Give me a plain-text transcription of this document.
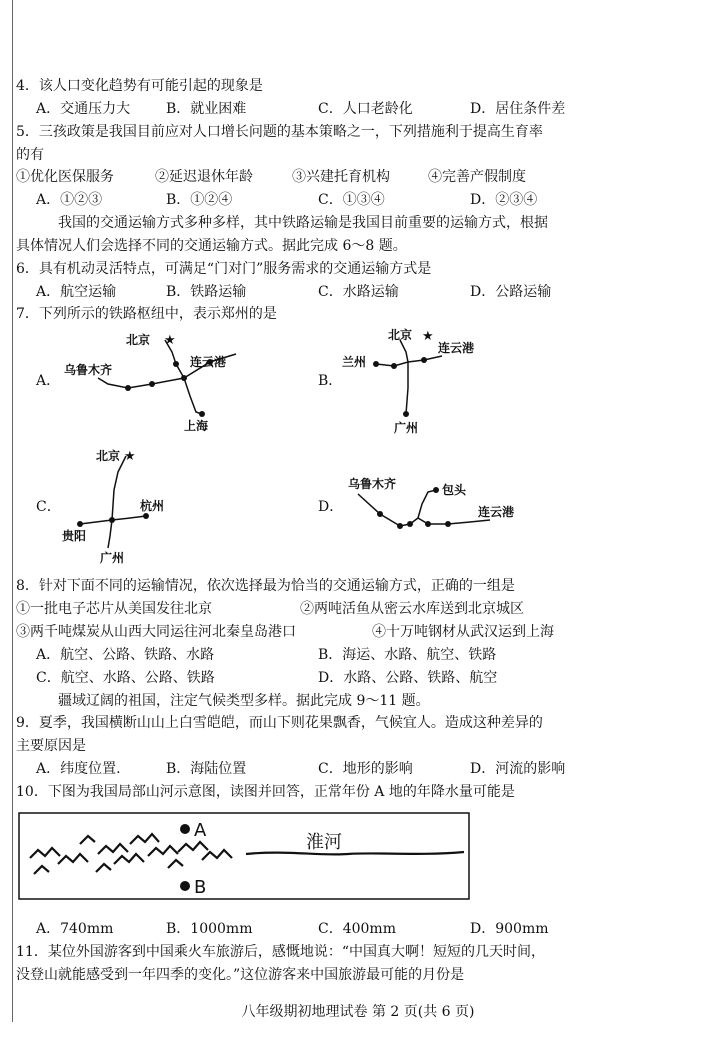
4．该人口变化趋势有可能引起的现象是
A．交通压力大	B．就业困难	C．人口老龄化	D．居住条件差
5．三孩政策是我国目前应对人口增长问题的基本策略之一，下列措施利于提高生育率
的有
①优化医保服务	②延迟退休年龄	③兴建托育机构	④完善产假制度
A．①②③	B．①②④	C．①③④	D．②③④
我国的交通运输方式多种多样，其中铁路运输是我国目前重要的运输方式，根据
具体情况人们会选择不同的交通运输方式。据此完成 6～8 题。
6．具有机动灵活特点，可满足“门对门”服务需求的交通运输方式是
A．航空运输	B．铁路运输	C．水路运输	D．公路运输
7．下列所示的铁路枢纽中，表示郑州的是
A．
★
北京
连云港
乌鲁木齐
上海
B．
★
北京
兰州
连云港
广州
C．
★
北京
杭州
贵阳
广州
D．
乌鲁木齐	包头
连云港
8．针对下面不同的运输情况，依次选择最为恰当的交通运输方式，正确的一组是
①一批电子芯片从美国发往北京	②两吨活鱼从密云水库送到北京城区
③两千吨煤炭从山西大同运往河北秦皇岛港口	④十万吨钢材从武汉运到上海
A．航空、公路、铁路、水路	B．海运、水路、航空、铁路
C．航空、水路、公路、铁路	D．水路、公路、铁路、航空
疆域辽阔的祖国，注定气候类型多样。据此完成 9～11 题。
9．夏季，我国横断山山上白雪皑皑，而山下则花果飘香，气候宜人。造成这种差异的
主要原因是
A．纬度位置.	B．海陆位置	C．地形的影响	D．河流的影响
10．下图为我国局部山河示意图，读图并回答，正常年份 A 地的年降水量可能是
A
B
淮河
A．740mm	B．1000mm	C．400mm	D．900mm
11．某位外国游客到中国乘火车旅游后，感慨地说：“中国真大啊！短短的几天时间，
没登山就能感受到一年四季的变化。”这位游客来中国旅游最可能的月份是
八年级期初地理试卷 第 2 页(共 6 页)
